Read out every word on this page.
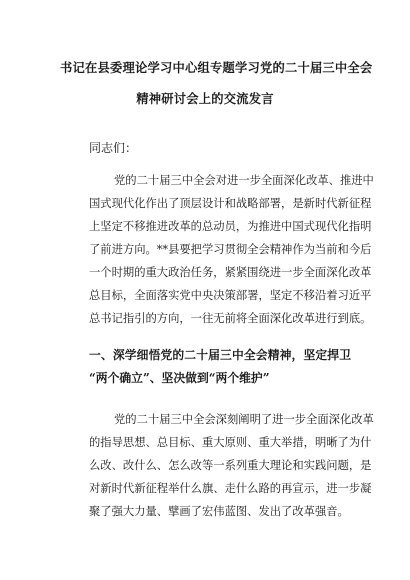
书记在县委理论学习中心组专题学习党的二十届三中全会
精神研讨会上的交流发言
同志们：
党的二十届三中全会对进一步全面深化改革、推进中
国式现代化作出了顶层设计和战略部署，是新时代新征程
上坚定不移推进改革的总动员，为推进中国式现代化指明
了前进方向。**县要把学习贯彻全会精神作为当前和今后
一个时期的重大政治任务，紧紧围绕进一步全面深化改革
总目标，全面落实党中央决策部署，坚定不移沿着习近平
总书记指引的方向，一往无前将全面深化改革进行到底。
一、深学细悟党的二十届三中全会精神，坚定捍卫
“两个确立”、坚决做到“两个维护”
党的二十届三中全会深刻阐明了进一步全面深化改革
的指导思想、总目标、重大原则、重大举措，明晰了为什
么改、改什么、怎么改等一系列重大理论和实践问题，是
对新时代新征程举什么旗、走什么路的再宣示，进一步凝
聚了强大力量、擘画了宏伟蓝图、发出了改革强音。
